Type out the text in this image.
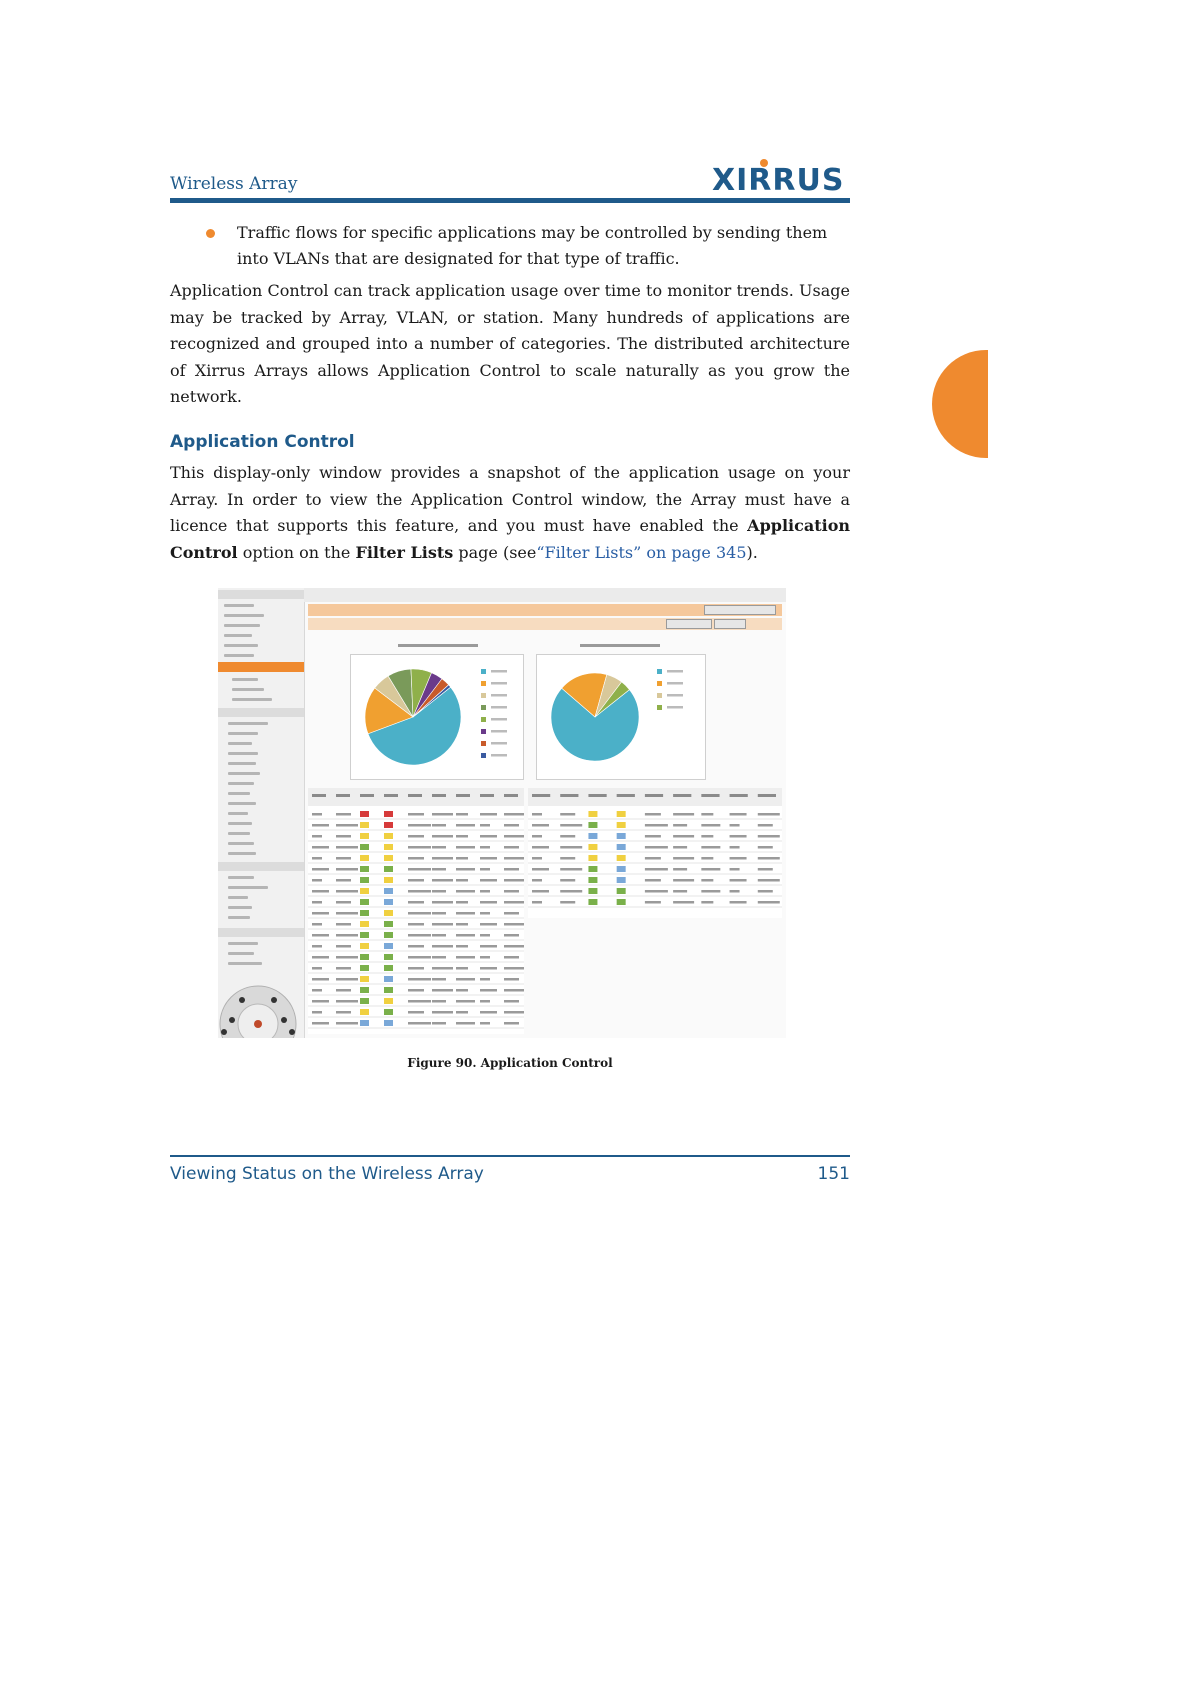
Wireless Array	XIRRUS
Traffic flows for specific applications may be controlled by sending them into VLANs that are designated for that type of traffic.
Application Control can track application usage over time to monitor trends. Usage may be tracked by Array, VLAN, or station. Many hundreds of applications are recognized and grouped into a number of categories. The distributed architecture of Xirrus Arrays allows Application Control to scale naturally as you grow the network.
Application Control
This display-only window provides a snapshot of the application usage on your Array. In order to view the Application Control window, the Array must have a licence that supports this feature, and you must have enabled the Application Control option on the Filter Lists page (see“Filter Lists” on page 345).
Figure 90. Application Control
Viewing Status on the Wireless Array	151
